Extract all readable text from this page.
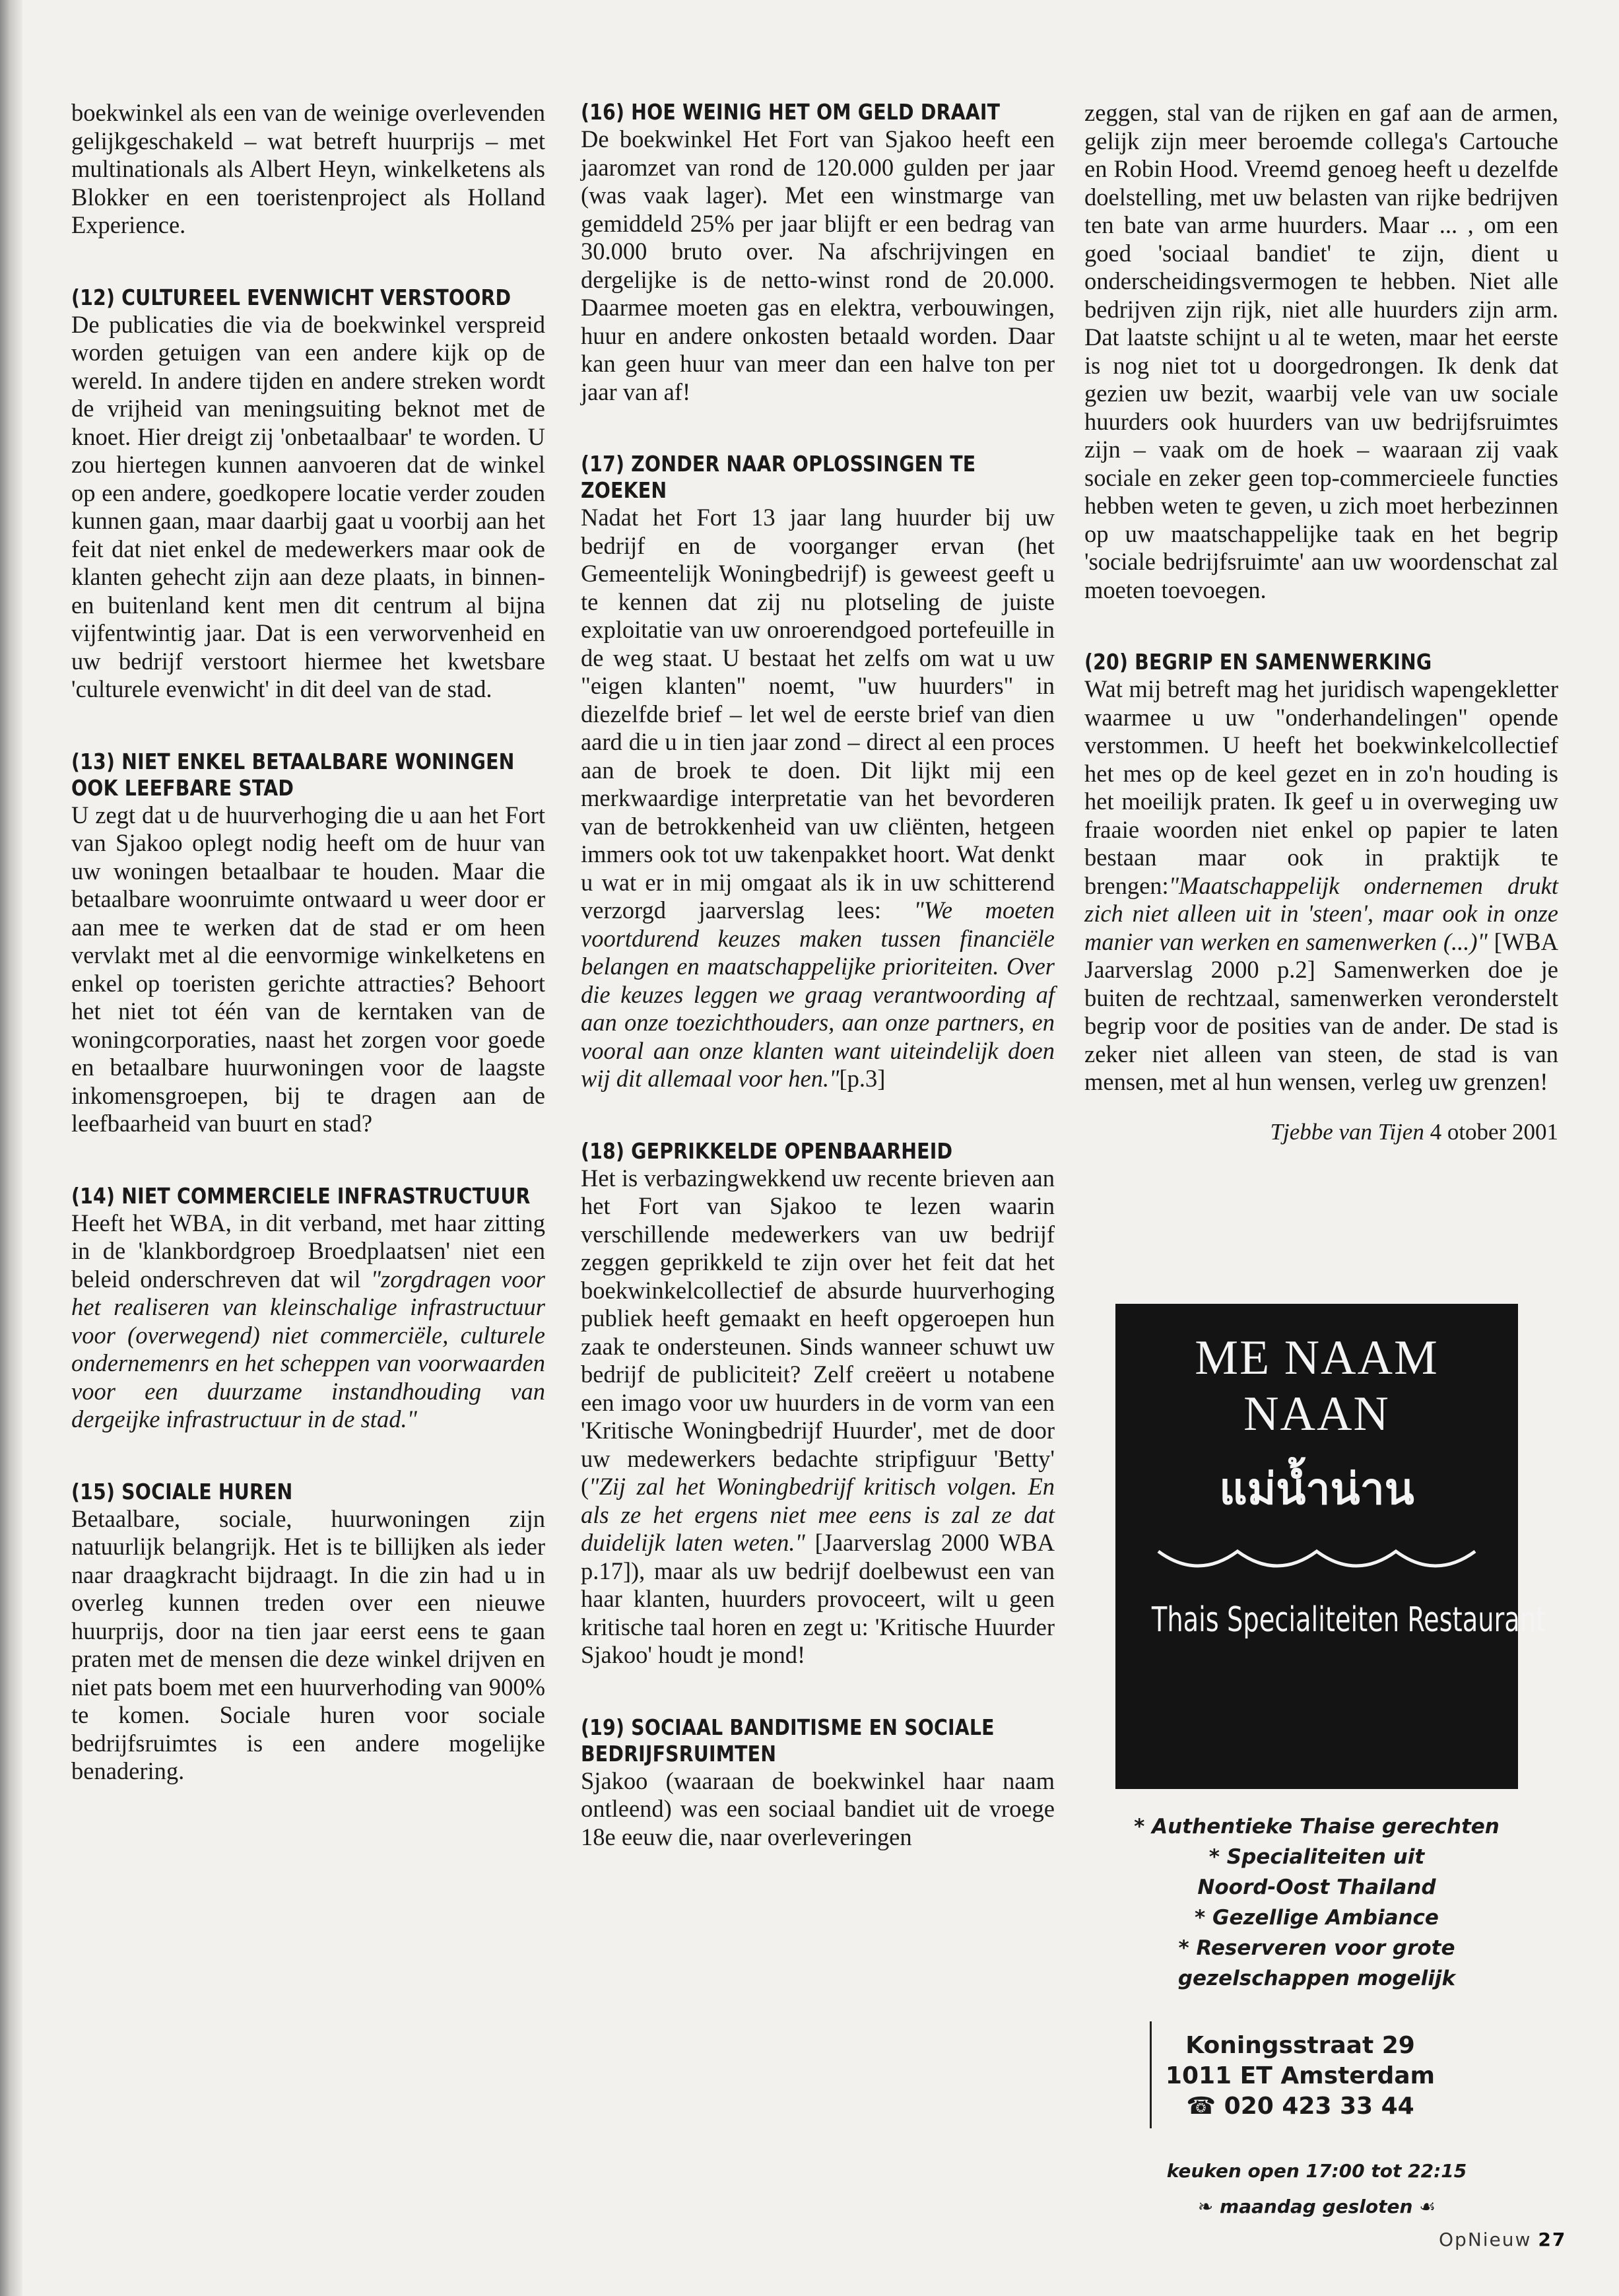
boekwinkel als een van de weinige overlevenden gelijkgeschakeld – wat betreft huurprijs – met multinationals als Albert Heyn, winkelketens als Blokker en een toeristenproject als Holland Experience.

(12) CULTUREEL EVENWICHT VERSTOORD

De publicaties die via de boekwinkel verspreid worden getuigen van een andere kijk op de wereld. In andere tijden en andere streken wordt de vrijheid van meningsuiting beknot met de knoet. Hier dreigt zij 'onbetaalbaar' te worden. U zou hiertegen kunnen aanvoeren dat de winkel op een andere, goedkopere locatie verder zouden kunnen gaan, maar daarbij gaat u voorbij aan het feit dat niet enkel de medewerkers maar ook de klanten gehecht zijn aan deze plaats, in binnen- en buitenland kent men dit centrum al bijna vijfentwintig jaar. Dat is een verworvenheid en uw bedrijf verstoort hiermee het kwetsbare 'culturele evenwicht' in dit deel van de stad.

(13) NIET ENKEL BETAALBARE WONINGEN OOK LEEFBARE STAD

U zegt dat u de huurverhoging die u aan het Fort van Sjakoo oplegt nodig heeft om de huur van uw woningen betaalbaar te houden. Maar die betaalbare woonruimte ontwaard u weer door er aan mee te werken dat de stad er om heen vervlakt met al die eenvormige winkelketens en enkel op toeristen gerichte attracties? Behoort het niet tot één van de kerntaken van de woningcorporaties, naast het zorgen voor goede en betaalbare huurwoningen voor de laagste inkomensgroepen, bij te dragen aan de leefbaarheid van buurt en stad?

(14) NIET COMMERCIELE INFRASTRUCTUUR

Heeft het WBA, in dit verband, met haar zitting in de 'klankbordgroep Broedplaatsen' niet een beleid onderschreven dat wil "zorgdragen voor het realiseren van kleinschalige infrastructuur voor (overwegend) niet commerciële, culturele ondernemenrs en het scheppen van voorwaarden voor een duurzame instandhouding van dergeijke infrastructuur in de stad."

(15) SOCIALE HUREN

Betaalbare, sociale, huurwoningen zijn natuurlijk belangrijk. Het is te billijken als ieder naar draagkracht bijdraagt. In die zin had u in overleg kunnen treden over een nieuwe huurprijs, door na tien jaar eerst eens te gaan praten met de mensen die deze winkel drijven en niet pats boem met een huurverhoding van 900% te komen. Sociale huren voor sociale bedrijfsruimtes is een andere mogelijke benadering.

(16) HOE WEINIG HET OM GELD DRAAIT

De boekwinkel Het Fort van Sjakoo heeft een jaaromzet van rond de 120.000 gulden per jaar (was vaak lager). Met een winstmarge van gemiddeld 25% per jaar blijft er een bedrag van 30.000 bruto over. Na afschrijvingen en dergelijke is de netto-winst rond de 20.000. Daarmee moeten gas en elektra, verbouwingen, huur en andere onkosten betaald worden. Daar kan geen huur van meer dan een halve ton per jaar van af!

(17) ZONDER NAAR OPLOSSINGEN TE ZOEKEN

Nadat het Fort 13 jaar lang huurder bij uw bedrijf en de voorganger ervan (het Gemeentelijk Woningbedrijf) is geweest geeft u te kennen dat zij nu plotseling de juiste exploitatie van uw onroerendgoed portefeuille in de weg staat. U bestaat het zelfs om wat u uw "eigen klanten" noemt, "uw huurders" in diezelfde brief – let wel de eerste brief van dien aard die u in tien jaar zond – direct al een proces aan de broek te doen. Dit lijkt mij een merkwaardige interpretatie van het bevorderen van de betrokkenheid van uw cliënten, hetgeen immers ook tot uw takenpakket hoort. Wat denkt u wat er in mij omgaat als ik in uw schitterend verzorgd jaarverslag lees: "We moeten voortdurend keuzes maken tussen financiële belangen en maatschappelijke prioriteiten. Over die keuzes leggen we graag verantwoording af aan onze toezichthouders, aan onze partners, en vooral aan onze klanten want uiteindelijk doen wij dit allemaal voor hen."[p.3]

(18) GEPRIKKELDE OPENBAARHEID

Het is verbazingwekkend uw recente brieven aan het Fort van Sjakoo te lezen waarin verschillende medewerkers van uw bedrijf zeggen geprikkeld te zijn over het feit dat het boekwinkelcollectief de absurde huurverhoging publiek heeft gemaakt en heeft opgeroepen hun zaak te ondersteunen. Sinds wanneer schuwt uw bedrijf de publiciteit? Zelf creëert u notabene een imago voor uw huurders in de vorm van een 'Kritische Woningbedrijf Huurder', met de door uw medewerkers bedachte stripfiguur 'Betty' ("Zij zal het Woningbedrijf kritisch volgen. En als ze het ergens niet mee eens is zal ze dat duidelijk laten weten." [Jaarverslag 2000 WBA p.17]), maar als uw bedrijf doelbewust een van haar klanten, huurders provoceert, wilt u geen kritische taal horen en zegt u: 'Kritische Huurder Sjakoo' houdt je mond!

(19) SOCIAAL BANDITISME EN SOCIALE BEDRIJFSRUIMTEN

Sjakoo (waaraan de boekwinkel haar naam ontleend) was een sociaal bandiet uit de vroege 18e eeuw die, naar overleveringen

zeggen, stal van de rijken en gaf aan de armen, gelijk zijn meer beroemde collega's Cartouche en Robin Hood. Vreemd genoeg heeft u dezelfde doelstelling, met uw belasten van rijke bedrijven ten bate van arme huurders. Maar ... , om een goed 'sociaal bandiet' te zijn, dient u onderscheidingsvermogen te hebben. Niet alle bedrijven zijn rijk, niet alle huurders zijn arm. Dat laatste schijnt u al te weten, maar het eerste is nog niet tot u doorgedrongen. Ik denk dat gezien uw bezit, waarbij vele van uw sociale huurders ook huurders van uw bedrijfsruimtes zijn – vaak om de hoek – waaraan zij vaak sociale en zeker geen top-commercieele functies hebben weten te geven, u zich moet herbezinnen op uw maatschappelijke taak en het begrip 'sociale bedrijfsruimte' aan uw woordenschat zal moeten toevoegen.

(20) BEGRIP EN SAMENWERKING

Wat mij betreft mag het juridisch wapengekletter waarmee u uw "onderhandelingen" opende verstommen. U heeft het boekwinkelcollectief het mes op de keel gezet en in zo'n houding is het moeilijk praten. Ik geef u in overweging uw fraaie woorden niet enkel op papier te laten bestaan maar ook in praktijk te brengen:"Maatschappelijk ondernemen drukt zich niet alleen uit in 'steen', maar ook in onze manier van werken en samenwerken (...)" [WBA Jaarverslag 2000 p.2] Samenwerken doe je buiten de rechtzaal, samenwerken veronderstelt begrip voor de posities van de ander. De stad is zeker niet alleen van steen, de stad is van mensen, met al hun wensen, verleg uw grenzen!

Tjebbe van Tijen 4 otober 2001
ME NAAM NAAN
แม่น้ำน่าน
Thais Specialiteiten Restaurant
* Authentieke Thaise gerechten
* Specialiteiten uit
Noord-Oost Thailand
* Gezellige Ambiance
* Reserveren voor grote
gezelschappen mogelijk
Koningsstraat 29
1011 ET Amsterdam
☎ 020 423 33 44
keuken open 17:00 tot 22:15
❧ maandag gesloten ☙
OpNieuw 27
